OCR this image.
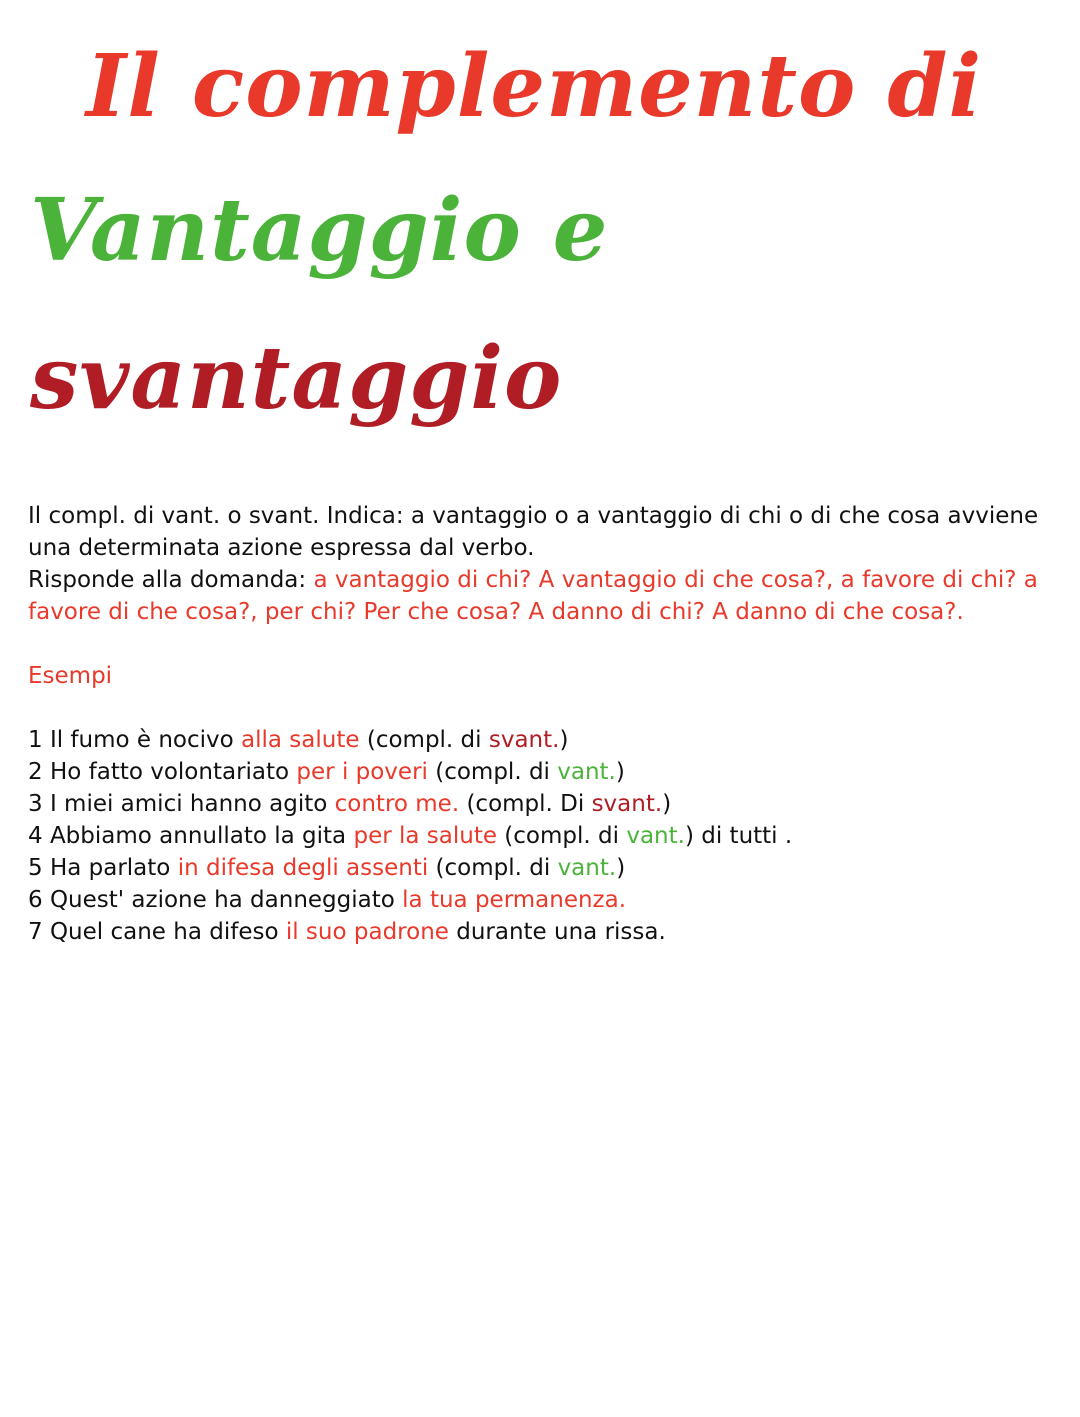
Il complemento di
Vantaggio e
svantaggio

Il compl. di vant. o svant. Indica: a vantaggio o a vantaggio di chi o di che cosa avviene una determinata azione espressa dal verbo.

Risponde alla domanda: a vantaggio di chi? A vantaggio di che cosa?, a favore di chi? a favore di che cosa?, per chi? Per che cosa? A danno di chi? A danno di che cosa?.

Esempi

1 Il fumo è nocivo alla salute (compl. di svant.)
2 Ho fatto volontariato per i poveri (compl. di vant.)
3 I miei amici hanno agito contro me. (compl. Di svant.)
4 Abbiamo annullato la gita per la salute (compl. di vant.) di tutti .
5 Ha parlato in difesa degli assenti (compl. di vant.)
6 Quest' azione ha danneggiato la tua permanenza.
7 Quel cane ha difeso il suo padrone durante una rissa.
